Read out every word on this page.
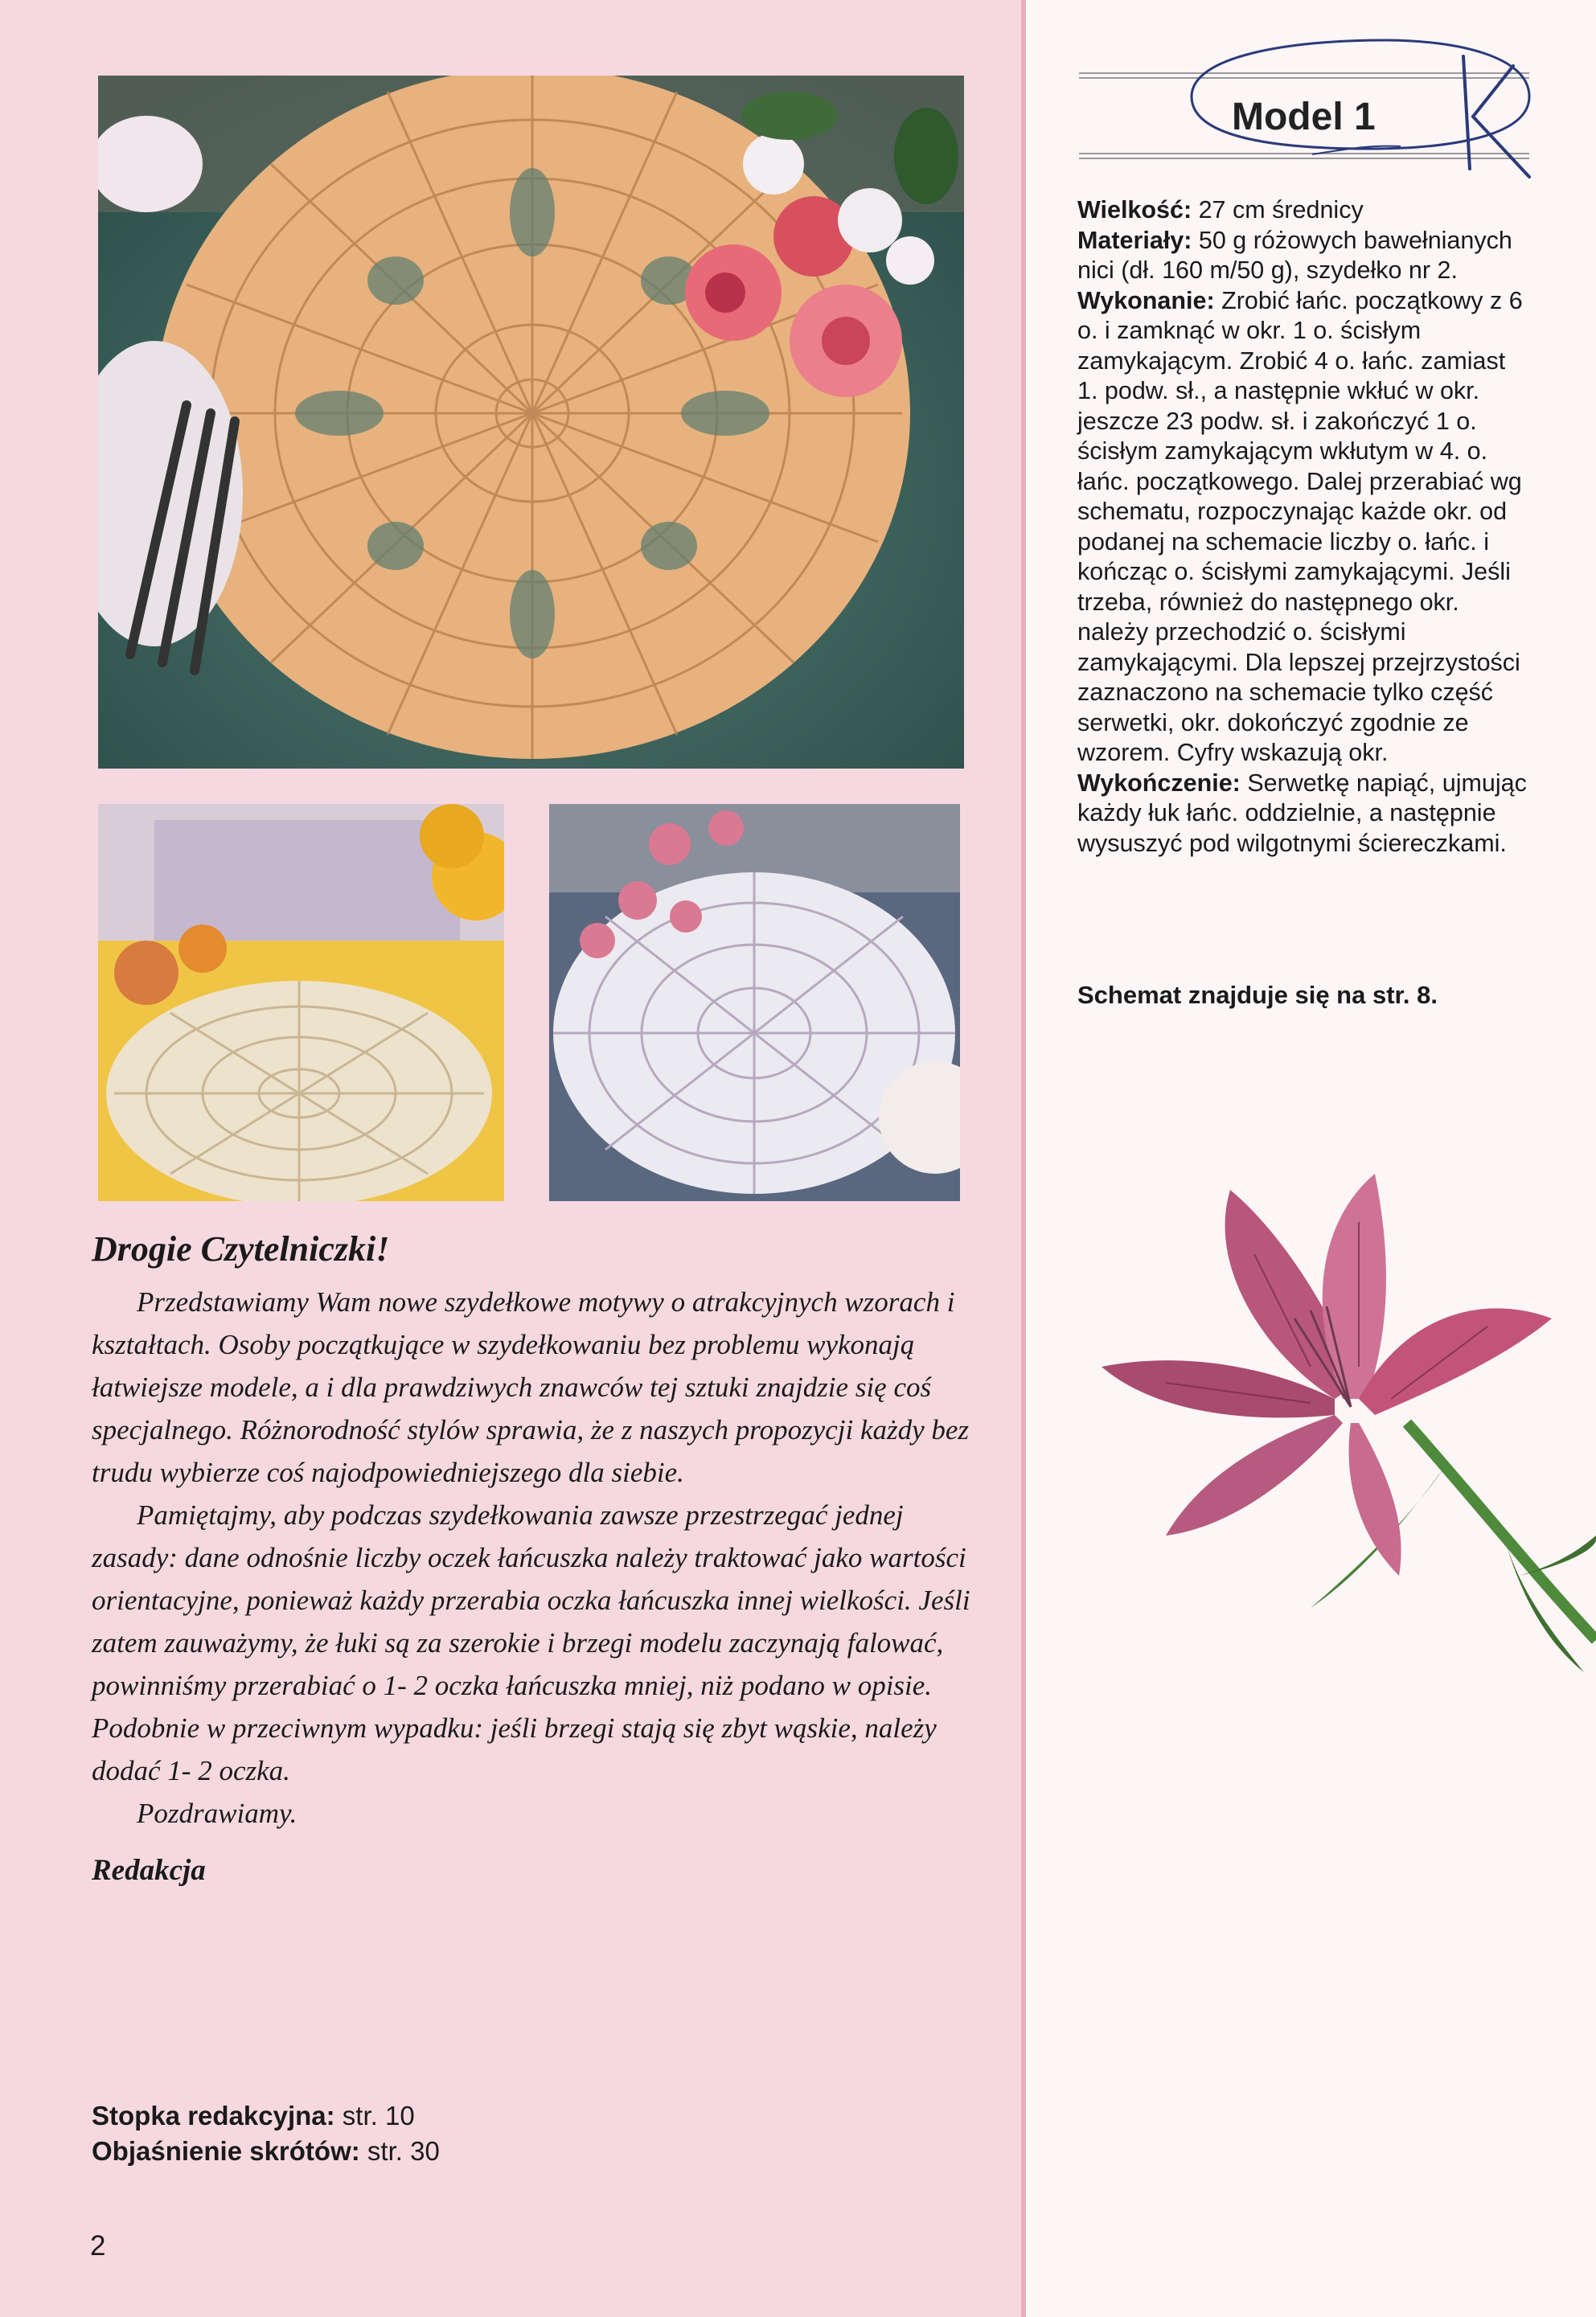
Drogie Czytelniczki!

Przedstawiamy Wam nowe szydełkowe motywy o atrakcyjnych wzorach i kształtach. Osoby początkujące w szydełkowaniu bez problemu wykonają łatwiejsze modele, a i dla prawdziwych znawców tej sztuki znajdzie się coś specjalnego. Różnorodność stylów sprawia, że z naszych propozycji każdy bez trudu wybierze coś najodpowiedniejszego dla siebie.

Pamiętajmy, aby podczas szydełkowania zawsze przestrzegać jednej zasady: dane odnośnie liczby oczek łańcuszka należy traktować jako wartości orientacyjne, ponieważ każdy przerabia oczka łańcuszka innej wielkości. Jeśli zatem zauważymy, że łuki są za szerokie i brzegi modelu zaczynają falować, powinniśmy przerabiać o 1- 2 oczka łańcuszka mniej, niż podano w opisie. Podobnie w przeciwnym wypadku: jeśli brzegi stają się zbyt wąskie, należy dodać 1- 2 oczka.

Pozdrawiamy.

Redakcja

Stopka redakcyjna: str. 10
Objaśnienie skrótów: str. 30
2
Model 1
K

Wielkość: 27 cm średnicy

Materiały: 50 g różowych bawełnianych nici (dł. 160 m/50 g), szydełko nr 2.

Wykonanie: Zrobić łańc. początkowy z 6 o. i zamknąć w okr. 1 o. ścisłym zamykającym. Zrobić 4 o. łańc. zamiast 1. podw. sł., a następnie wkłuć w okr. jeszcze 23 podw. sł. i zakończyć 1 o. ścisłym zamykającym wkłutym w 4. o. łańc. początkowego. Dalej przerabiać wg schematu, rozpoczynając każde okr. od podanej na schemacie liczby o. łańc. i kończąc o. ścisłymi zamykającymi. Jeśli trzeba, również do następnego okr. należy przechodzić o. ścisłymi zamykającymi. Dla lepszej przejrzystości zaznaczono na schemacie tylko część serwetki, okr. dokończyć zgodnie ze wzorem. Cyfry wskazują okr.

Wykończenie: Serwetkę napiąć, ujmując każdy łuk łańc. oddzielnie, a następnie wysuszyć pod wilgotnymi ściereczkami.

Schemat znajduje się na str. 8.
